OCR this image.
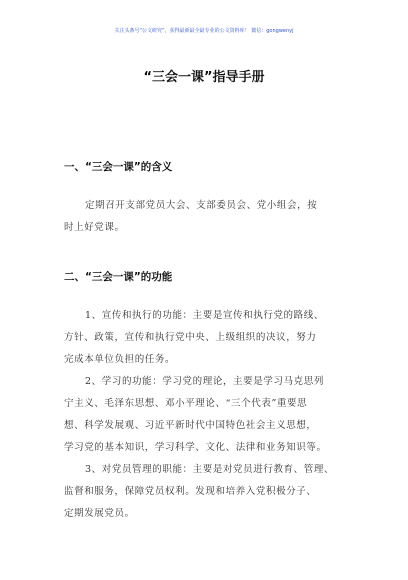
关注头条号“公文研究”，获得最新最全最专业的公文资料库！ 微信：gongwenyj
“三会一课”指导手册
一、“三会一课”的含义
定期召开支部党员大会、支部委员会、党小组会，按
时上好党课。
二、“三会一课”的功能
1、宣传和执行的功能：主要是宣传和执行党的路线、
方针、政策，宣传和执行党中央、上级组织的决议，努力
完成本单位负担的任务。
2、学习的功能：学习党的理论，主要是学习马克思列
宁主义、毛泽东思想、邓小平理论、“三个代表”重要思
想、科学发展观、习近平新时代中国特色社会主义思想，
学习党的基本知识，学习科学、文化、法律和业务知识等。
3、对党员管理的职能：主要是对党员进行教育、管理、
监督和服务，保障党员权利。发现和培养入党积极分子、
定期发展党员。
